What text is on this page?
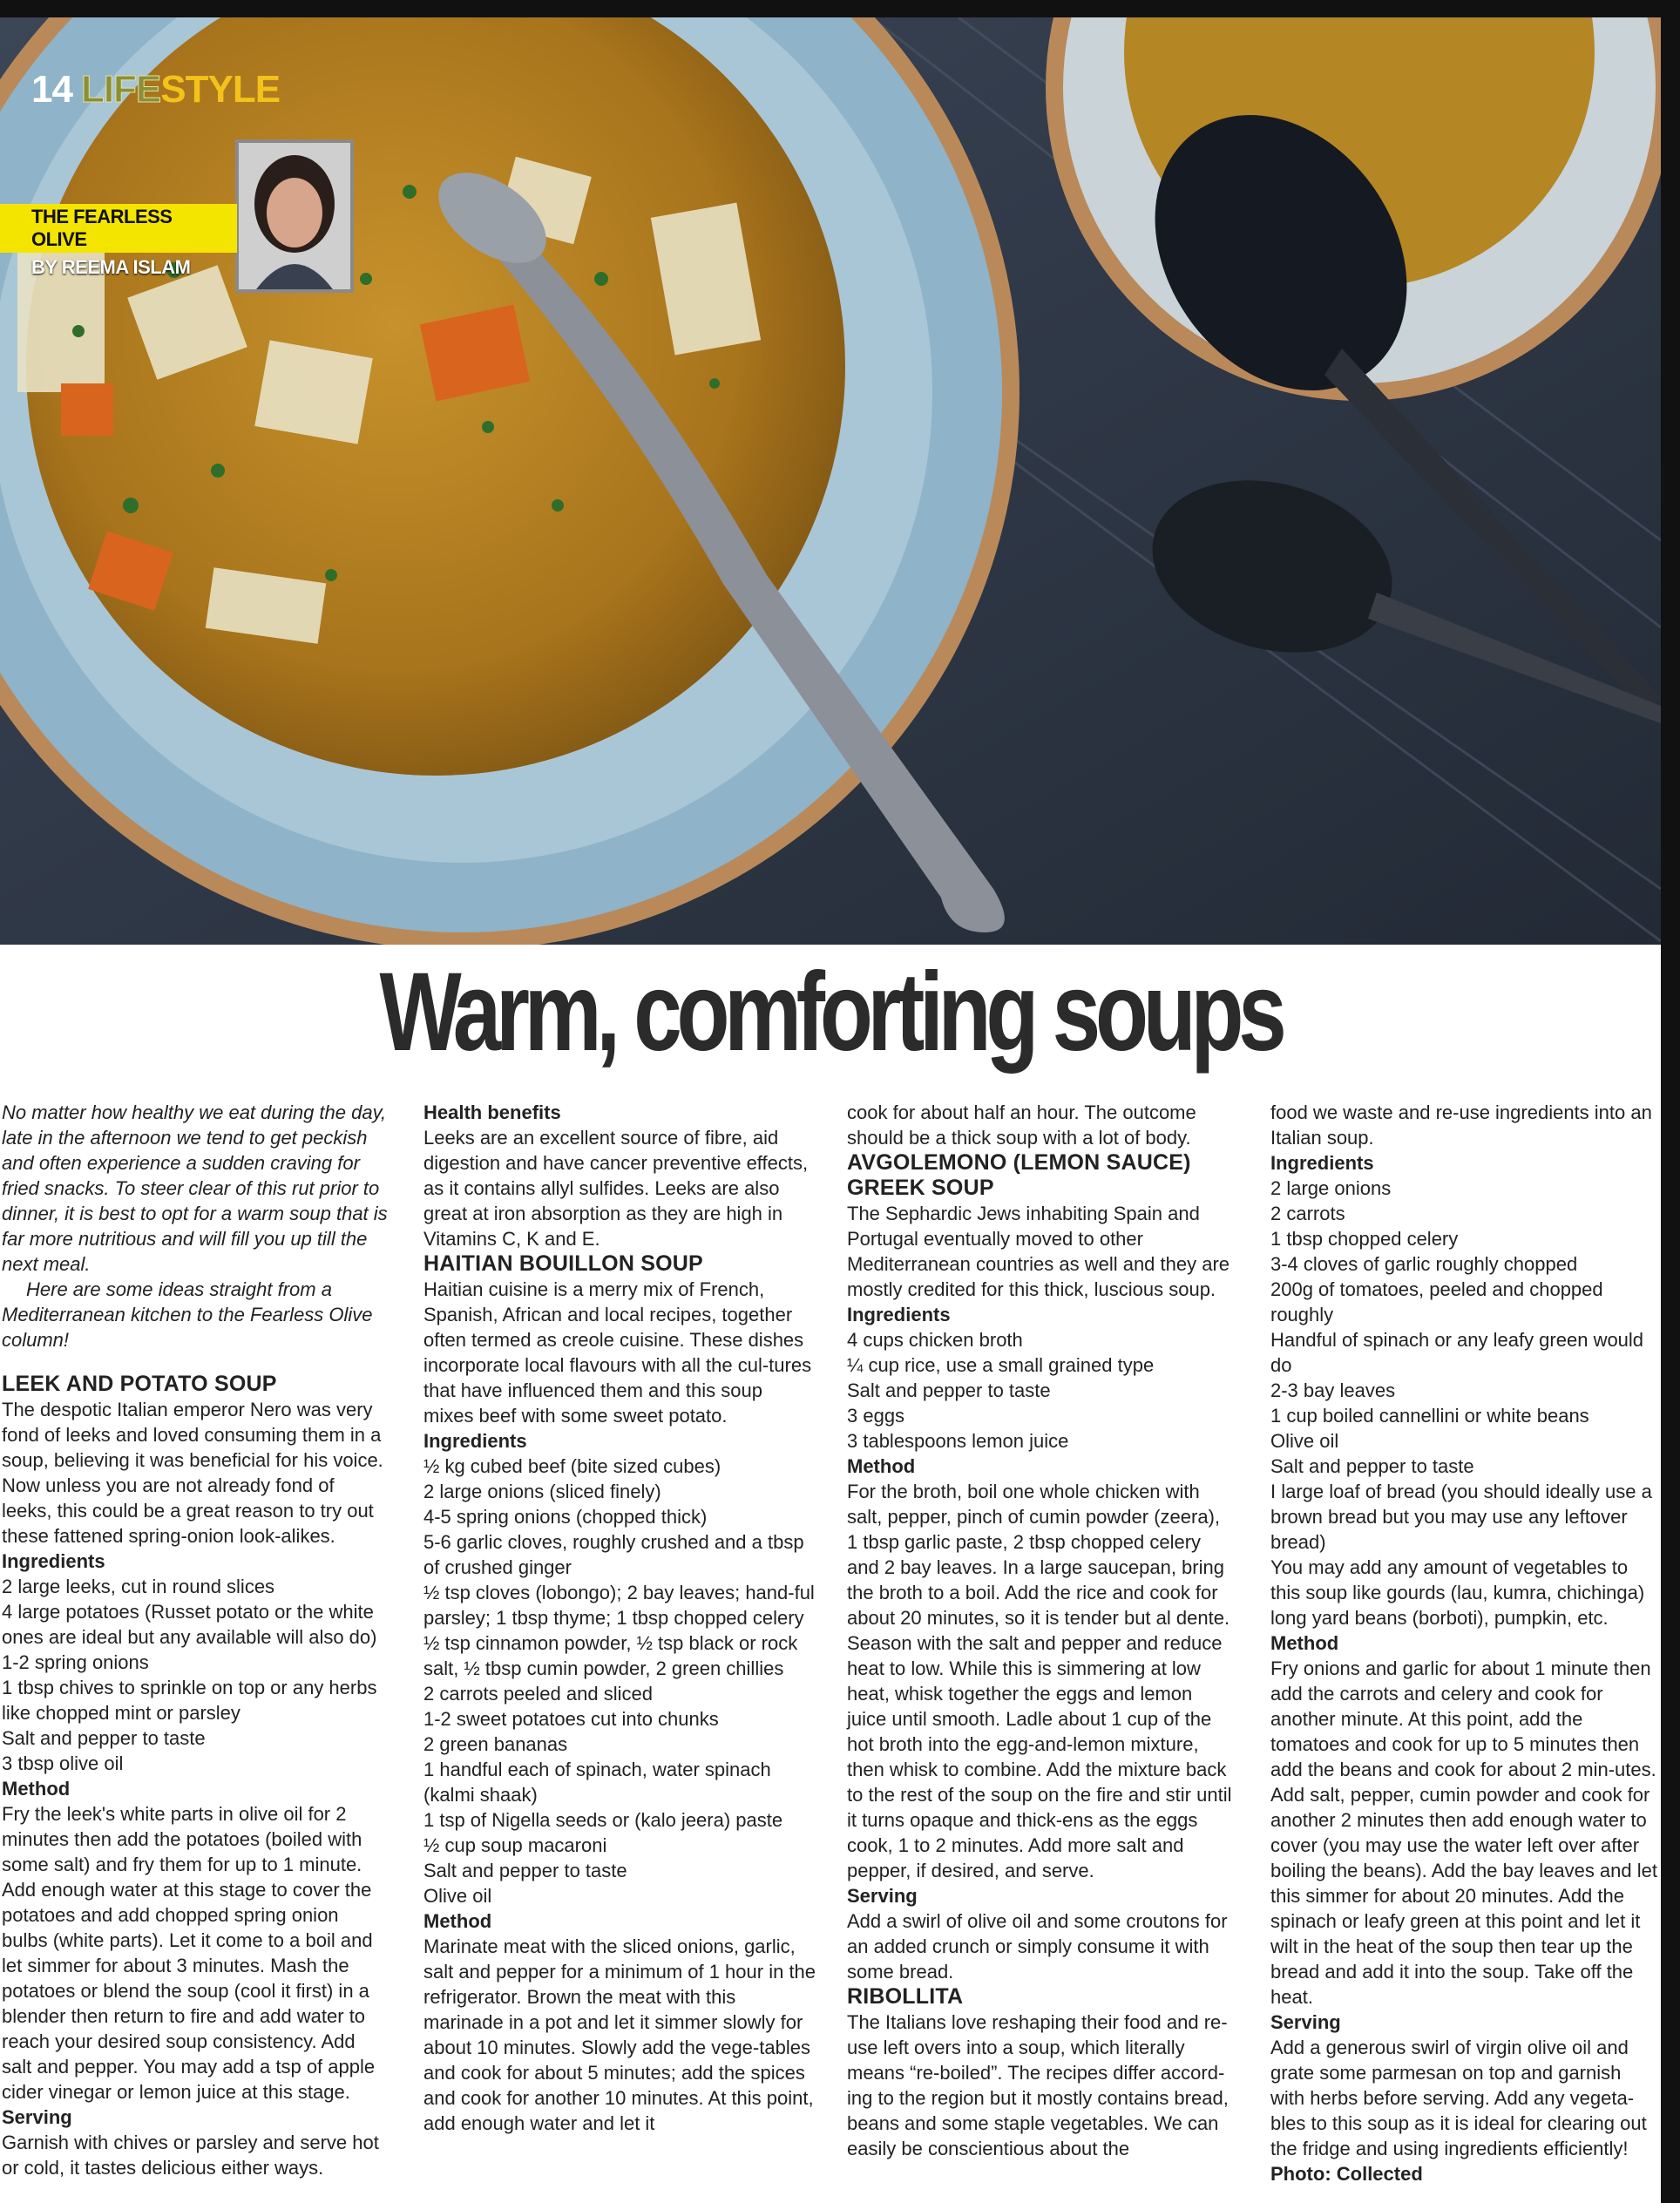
14 LIFESTYLE
THE FEARLESS OLIVE
BY REEMA ISLAM
Warm, comforting soups

No matter how healthy we eat during the day, late in the afternoon we tend to get peckish and often experience a sudden craving for fried snacks. To steer clear of this rut prior to dinner, it is best to opt for a warm soup that is far more nutritious and will fill you up till the next meal.

Here are some ideas straight from a Mediterranean kitchen to the Fearless Olive column!

LEEK AND POTATO SOUP

The despotic Italian emperor Nero was very fond of leeks and loved consuming them in a soup, believing it was beneficial for his voice. Now unless you are not already fond of leeks, this could be a great reason to try out these fattened spring-onion look-alikes.

Ingredients

2 large leeks, cut in round slices

4 large potatoes (Russet potato or the white ones are ideal but any available will also do)

1-2 spring onions

1 tbsp chives to sprinkle on top or any herbs like chopped mint or parsley

Salt and pepper to taste

3 tbsp olive oil

Method

Fry the leek's white parts in olive oil for 2 minutes then add the potatoes (boiled with some salt) and fry them for up to 1 minute. Add enough water at this stage to cover the potatoes and add chopped spring onion bulbs (white parts). Let it come to a boil and let simmer for about 3 minutes. Mash the potatoes or blend the soup (cool it first) in a blender then return to fire and add water to reach your desired soup consistency. Add salt and pepper. You may add a tsp of apple cider vinegar or lemon juice at this stage.

Serving

Garnish with chives or parsley and serve hot or cold, it tastes delicious either ways.

Health benefits

Leeks are an excellent source of fibre, aid digestion and have cancer preventive effects, as it contains allyl sulfides. Leeks are also great at iron absorption as they are high in Vitamins C, K and E.

HAITIAN BOUILLON SOUP

Haitian cuisine is a merry mix of French, Spanish, African and local recipes, together often termed as creole cuisine. These dishes incorporate local flavours with all the cul-tures that have influenced them and this soup mixes beef with some sweet potato.

Ingredients

½ kg cubed beef (bite sized cubes)

2 large onions (sliced finely)

4-5 spring onions (chopped thick)

5-6 garlic cloves, roughly crushed and a tbsp of crushed ginger

½ tsp cloves (lobongo); 2 bay leaves; hand-ful parsley; 1 tbsp thyme; 1 tbsp chopped celery

½ tsp cinnamon powder, ½ tsp black or rock salt, ½ tbsp cumin powder, 2 green chillies

2 carrots peeled and sliced

1-2 sweet potatoes cut into chunks

2 green bananas

1 handful each of spinach, water spinach (kalmi shaak)

1 tsp of Nigella seeds or (kalo jeera) paste

½ cup soup macaroni

Salt and pepper to taste

Olive oil

Method

Marinate meat with the sliced onions, garlic, salt and pepper for a minimum of 1 hour in the refrigerator. Brown the meat with this marinade in a pot and let it simmer slowly for about 10 minutes. Slowly add the vege-tables and cook for about 5 minutes; add the spices and cook for another 10 minutes. At this point, add enough water and let it

cook for about half an hour. The outcome should be a thick soup with a lot of body.

AVGOLEMONO (LEMON SAUCE) GREEK SOUP

The Sephardic Jews inhabiting Spain and Portugal eventually moved to other Mediterranean countries as well and they are mostly credited for this thick, luscious soup.

Ingredients

4 cups chicken broth

¼ cup rice, use a small grained type

Salt and pepper to taste

3 eggs

3 tablespoons lemon juice

Method

For the broth, boil one whole chicken with salt, pepper, pinch of cumin powder (zeera), 1 tbsp garlic paste, 2 tbsp chopped celery and 2 bay leaves. In a large saucepan, bring the broth to a boil. Add the rice and cook for about 20 minutes, so it is tender but al dente. Season with the salt and pepper and reduce heat to low. While this is simmering at low heat, whisk together the eggs and lemon juice until smooth. Ladle about 1 cup of the hot broth into the egg-and-lemon mixture, then whisk to combine. Add the mixture back to the rest of the soup on the fire and stir until it turns opaque and thick-ens as the eggs cook, 1 to 2 minutes. Add more salt and pepper, if desired, and serve.

Serving

Add a swirl of olive oil and some croutons for an added crunch or simply consume it with some bread.

RIBOLLITA

The Italians love reshaping their food and re-use left overs into a soup, which literally means “re-boiled”. The recipes differ accord-ing to the region but it mostly contains bread, beans and some staple vegetables. We can easily be conscientious about the

food we waste and re-use ingredients into an Italian soup.

Ingredients

2 large onions

2 carrots

1 tbsp chopped celery

3-4 cloves of garlic roughly chopped

200g of tomatoes, peeled and chopped roughly

Handful of spinach or any leafy green would do

2-3 bay leaves

1 cup boiled cannellini or white beans

Olive oil

Salt and pepper to taste

I large loaf of bread (you should ideally use a brown bread but you may use any leftover bread)

You may add any amount of vegetables to this soup like gourds (lau, kumra, chichinga) long yard beans (borboti), pumpkin, etc.

Method

Fry onions and garlic for about 1 minute then add the carrots and celery and cook for another minute. At this point, add the tomatoes and cook for up to 5 minutes then add the beans and cook for about 2 min-utes. Add salt, pepper, cumin powder and cook for another 2 minutes then add enough water to cover (you may use the water left over after boiling the beans). Add the bay leaves and let this simmer for about 20 minutes. Add the spinach or leafy green at this point and let it wilt in the heat of the soup then tear up the bread and add it into the soup. Take off the heat.

Serving

Add a generous swirl of virgin olive oil and grate some parmesan on top and garnish with herbs before serving. Add any vegeta-bles to this soup as it is ideal for clearing out the fridge and using ingredients efficiently!

Photo: Collected
